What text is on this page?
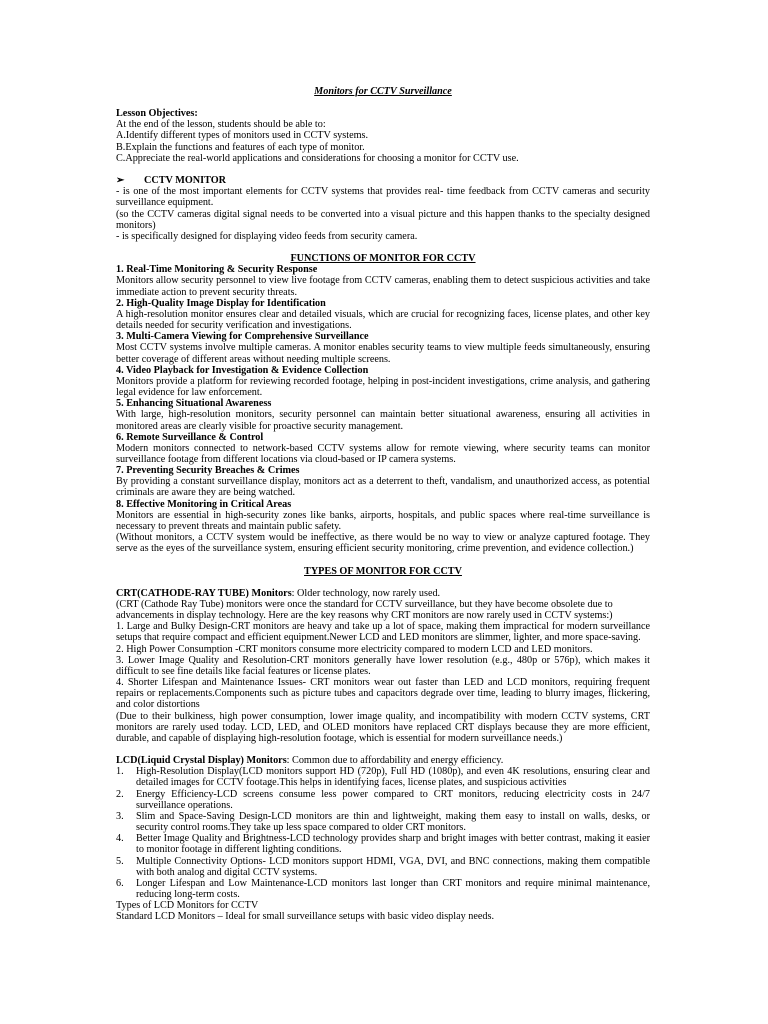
Monitors for CCTV Surveillance

Lesson Objectives:

At the end of the lesson, students should be able to:

A.Identify different types of monitors used in CCTV systems.

B.Explain the functions and features of each type of monitor.

C.Appreciate the real-world applications and considerations for choosing a monitor for CCTV use.

➢	CCTV MONITOR

- is one of the most important elements for CCTV systems that provides real- time feedback from CCTV cameras and security surveillance equipment.

(so the CCTV cameras digital signal needs to be converted into a visual picture and this happen thanks to the specialty designed monitors)

- is specifically designed for displaying video feeds from security camera.

FUNCTIONS OF MONITOR FOR CCTV

1. Real-Time Monitoring & Security Response

Monitors allow security personnel to view live footage from CCTV cameras, enabling them to detect suspicious activities and take immediate action to prevent security threats.

2. High-Quality Image Display for Identification

A high-resolution monitor ensures clear and detailed visuals, which are crucial for recognizing faces, license plates, and other key details needed for security verification and investigations.

3. Multi-Camera Viewing for Comprehensive Surveillance

Most CCTV systems involve multiple cameras. A monitor enables security teams to view multiple feeds simultaneously, ensuring better coverage of different areas without needing multiple screens.

4. Video Playback for Investigation & Evidence Collection

Monitors provide a platform for reviewing recorded footage, helping in post-incident investigations, crime analysis, and gathering legal evidence for law enforcement.

5. Enhancing Situational Awareness

With large, high-resolution monitors, security personnel can maintain better situational awareness, ensuring all activities in monitored areas are clearly visible for proactive security management.

6. Remote Surveillance & Control

Modern monitors connected to network-based CCTV systems allow for remote viewing, where security teams can monitor surveillance footage from different locations via cloud-based or IP camera systems.

7. Preventing Security Breaches & Crimes

By providing a constant surveillance display, monitors act as a deterrent to theft, vandalism, and unauthorized access, as potential criminals are aware they are being watched.

8. Effective Monitoring in Critical Areas

Monitors are essential in high-security zones like banks, airports, hospitals, and public spaces where real-time surveillance is necessary to prevent threats and maintain public safety.

(Without monitors, a CCTV system would be ineffective, as there would be no way to view or analyze captured footage. They serve as the eyes of the surveillance system, ensuring efficient security monitoring, crime prevention, and evidence collection.)

TYPES OF MONITOR FOR CCTV

CRT(CATHODE-RAY TUBE) Monitors: Older technology, now rarely used.

(CRT (Cathode Ray Tube) monitors were once the standard for CCTV surveillance, but they have become obsolete due to advancements in display technology. Here are the key reasons why CRT monitors are now rarely used in CCTV systems:)

1. Large and Bulky Design-CRT monitors are heavy and take up a lot of space, making them impractical for modern surveillance setups that require compact and efficient equipment.Newer LCD and LED monitors are slimmer, lighter, and more space-saving.

2. High Power Consumption -CRT monitors consume more electricity compared to modern LCD and LED monitors.

3. Lower Image Quality and Resolution-CRT monitors generally have lower resolution (e.g., 480p or 576p), which makes it difficult to see fine details like facial features or license plates.

4. Shorter Lifespan and Maintenance Issues- CRT monitors wear out faster than LED and LCD monitors, requiring frequent repairs or replacements.Components such as picture tubes and capacitors degrade over time, leading to blurry images, flickering, and color distortions

(Due to their bulkiness, high power consumption, lower image quality, and incompatibility with modern CCTV systems, CRT monitors are rarely used today. LCD, LED, and OLED monitors have replaced CRT displays because they are more efficient, durable, and capable of displaying high-resolution footage, which is essential for modern surveillance needs.)

LCD(Liquid Crystal Display) Monitors: Common due to affordability and energy efficiency.

1.	High-Resolution Display(LCD monitors support HD (720p), Full HD (1080p), and even 4K resolutions, ensuring clear and detailed images for CCTV footage.This helps in identifying faces, license plates, and suspicious activities
2.	Energy Efficiency-LCD screens consume less power compared to CRT monitors, reducing electricity costs in 24/7 surveillance operations.
3.	Slim and Space-Saving Design-LCD monitors are thin and lightweight, making them easy to install on walls, desks, or security control rooms.They take up less space compared to older CRT monitors.
4.	Better Image Quality and Brightness-LCD technology provides sharp and bright images with better contrast, making it easier to monitor footage in different lighting conditions.
5.	Multiple Connectivity Options- LCD monitors support HDMI, VGA, DVI, and BNC connections, making them compatible with both analog and digital CCTV systems.
6.	Longer Lifespan and Low Maintenance-LCD monitors last longer than CRT monitors and require minimal maintenance, reducing long-term costs.

Types of LCD Monitors for CCTV

Standard LCD Monitors – Ideal for small surveillance setups with basic video display needs.
